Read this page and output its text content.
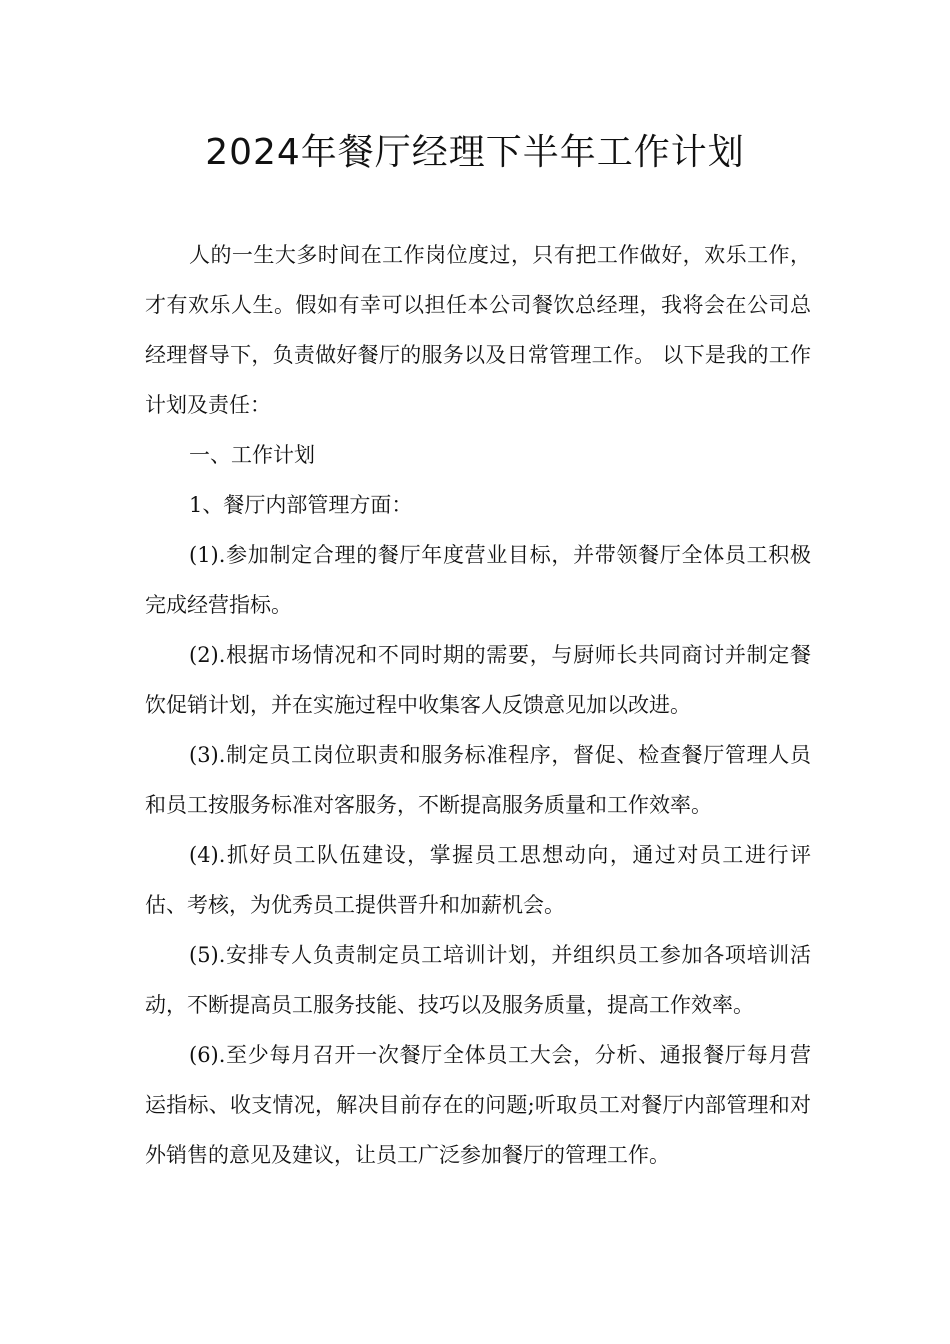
2024年餐厅经理下半年工作计划

人的一生大多时间在工作岗位度过，只有把工作做好，欢乐工作，才有欢乐人生。假如有幸可以担任本公司餐饮总经理，我将会在公司总经理督导下，负责做好餐厅的服务以及日常管理工作。 以下是我的工作计划及责任：

一、工作计划

1、餐厅内部管理方面：

(1).参加制定合理的餐厅年度营业目标，并带领餐厅全体员工积极完成经营指标。

(2).根据市场情况和不同时期的需要，与厨师长共同商讨并制定餐饮促销计划，并在实施过程中收集客人反馈意见加以改进。

(3).制定员工岗位职责和服务标准程序，督促、检查餐厅管理人员和员工按服务标准对客服务，不断提高服务质量和工作效率。

(4).抓好员工队伍建设，掌握员工思想动向，通过对员工进行评估、考核，为优秀员工提供晋升和加薪机会。

(5).安排专人负责制定员工培训计划，并组织员工参加各项培训活动，不断提高员工服务技能、技巧以及服务质量，提高工作效率。

(6).至少每月召开一次餐厅全体员工大会，分析、通报餐厅每月营运指标、收支情况，解决目前存在的问题;听取员工对餐厅内部管理和对外销售的意见及建议，让员工广泛参加餐厅的管理工作。
